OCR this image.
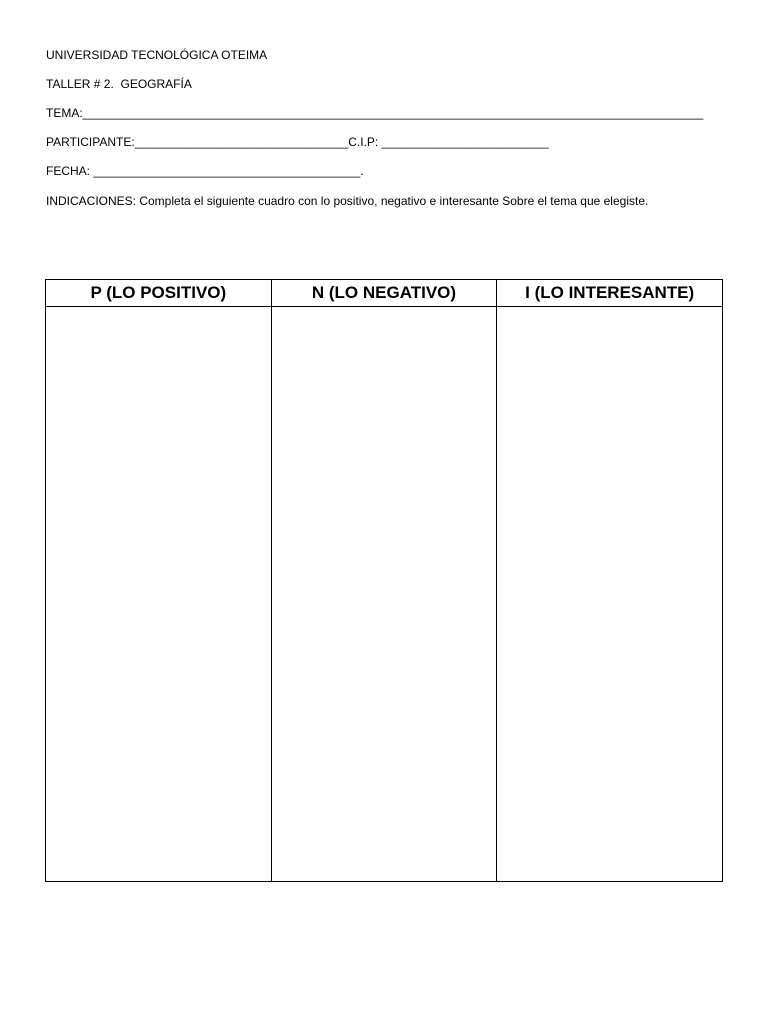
UNIVERSIDAD TECNOLÓGICA OTEIMA
TALLER # 2.  GEOGRAFÍA
TEMA:_____________________________________________________________________________________________
PARTICIPANTE:________________________________C.I.P: _________________________
FECHA: ________________________________________.
INDICACIONES: Completa el siguiente cuadro con lo positivo, negativo e interesante Sobre el tema que elegiste.
P (LO POSITIVO)	N (LO NEGATIVO)	I (LO INTERESANTE)
